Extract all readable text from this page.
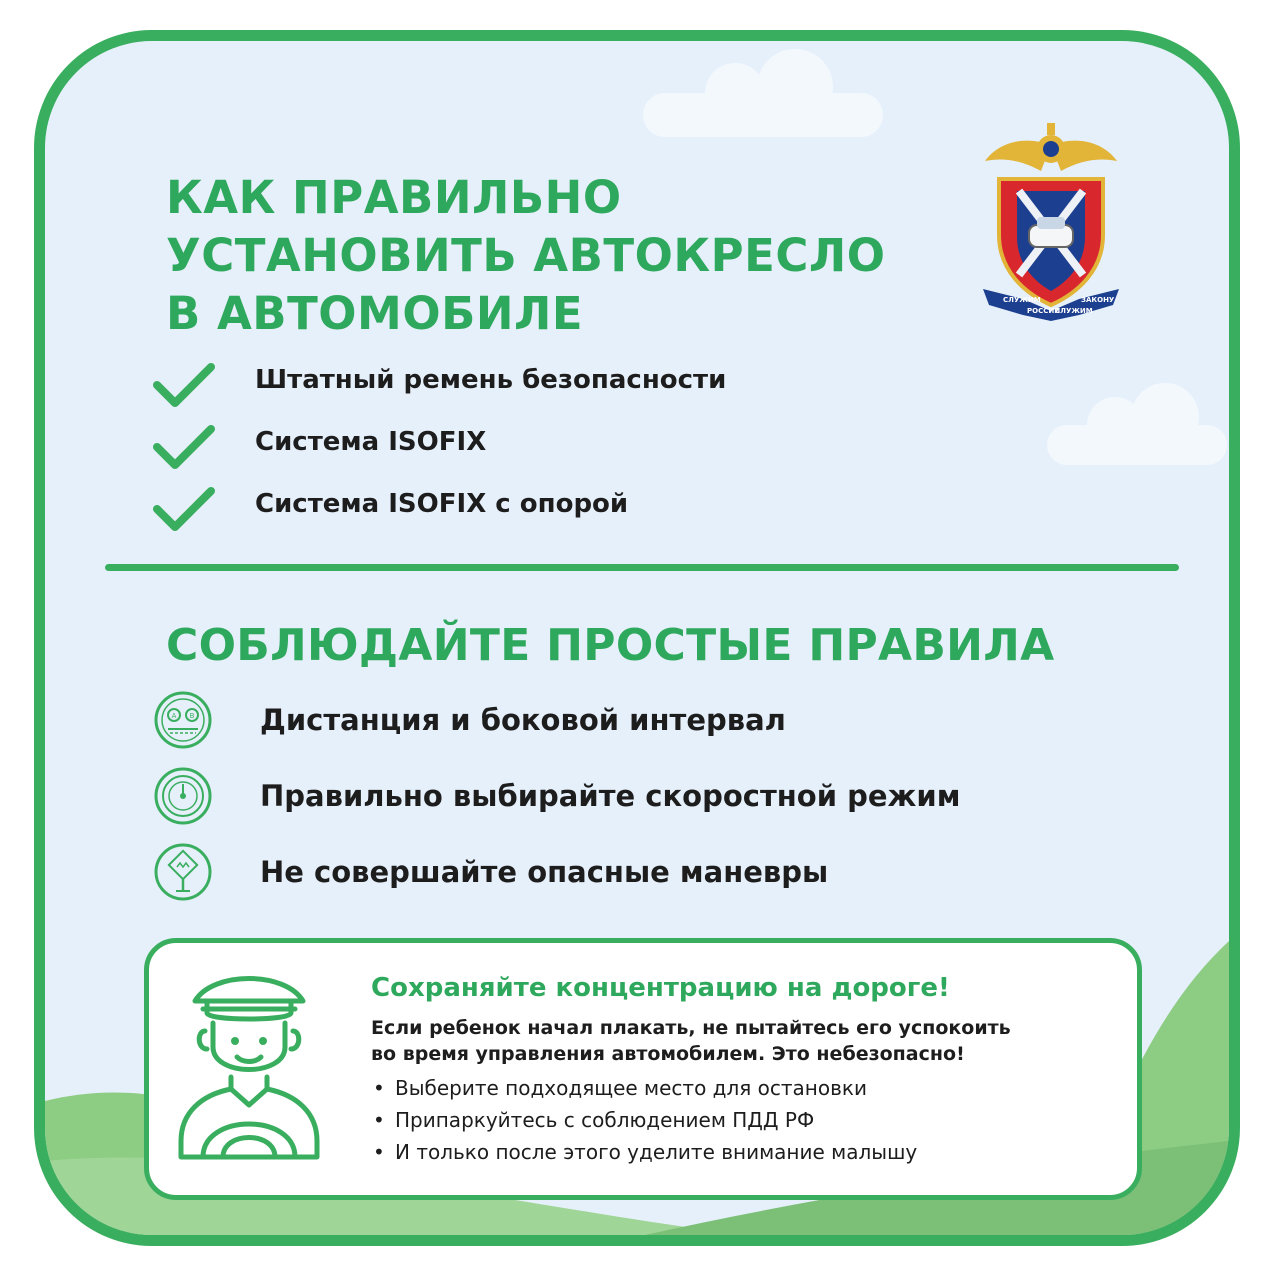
КАК ПРАВИЛЬНО
УСТАНОВИТЬ АВТОКРЕСЛО
В АВТОМОБИЛЕ	СЛУЖИМ
РОССИИ
СЛУЖИМ
ЗАКОНУ
Штатный ремень безопасности
Система ISOFIX
Система ISOFIX с опорой
СОБЛЮДАЙТЕ ПРОСТЫЕ ПРАВИЛА
A B Дистанция и боковой интервал
Правильно выбирайте скоростной режим
Не совершайте опасные маневры
Сохраняйте концентрацию на дороге!

Если ребенок начал плакать, не пытайтесь его успокоить
во время управления автомобилем. Это небезопасно!

• Выберите подходящее место для остановки
• Припаркуйтесь с соблюдением ПДД РФ
• И только после этого уделите внимание малышу
